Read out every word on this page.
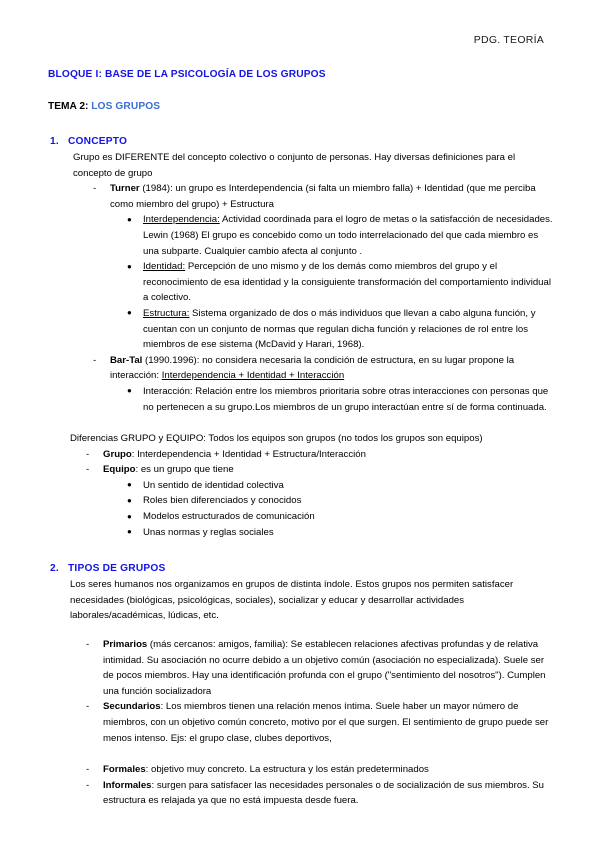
PDG. TEORÍA
BLOQUE I: BASE DE LA PSICOLOGÍA DE LOS GRUPOS
TEMA 2: LOS GRUPOS
1. CONCEPTO

Grupo es DIFERENTE del concepto colectivo o conjunto de personas. Hay diversas definiciones para el concepto de grupo

-	Turner (1984): un grupo es Interdependencia (si falta un miembro falla) + Identidad (que me perciba como miembro del grupo) + Estructura
● Interdependencia: Actividad coordinada para el logro de metas o la satisfacción de necesidades. Lewin (1968) El grupo es concebido como un todo interrelacionado del que cada miembro es una subparte. Cualquier cambio afecta al conjunto .
● Identidad: Percepción de uno mismo y de los demás como miembros del grupo y el reconocimiento de esa identidad y la consiguiente transformación del comportamiento individual a colectivo.
● Estructura: Sistema organizado de dos o más individuos que llevan a cabo alguna función, y cuentan con un conjunto de normas que regulan dicha función y relaciones de rol entre los miembros de ese sistema (McDavid y Harari, 1968).
-	Bar-Tal (1990.1996): no considera necesaria la condición de estructura, en su lugar propone la interacción: Interdependencia + Identidad + Interacción
● Interacción: Relación entre los miembros prioritaria sobre otras interacciones con personas que no pertenecen a su grupo.Los miembros de un grupo interactúan entre sí de forma continuada.

Diferencias GRUPO y EQUIPO: Todos los equipos son grupos (no todos los grupos son equipos)

-	Grupo: Interdependencia + Identidad + Estructura/Interacción
-	Equipo: es un grupo que tiene
● Un sentido de identidad colectiva
● Roles bien diferenciados y conocidos
● Modelos estructurados de comunicación
● Unas normas y reglas sociales
2. TIPOS DE GRUPOS

Los seres humanos nos organizamos en grupos de distinta índole. Estos grupos nos permiten satisfacer necesidades (biológicas, psicológicas, sociales), socializar y educar y desarrollar actividades laborales/académicas, lúdicas, etc.

-	Primarios (más cercanos: amigos, familia): Se establecen relaciones afectivas profundas y de relativa intimidad. Su asociación no ocurre debido a un objetivo común (asociación no especializada). Suele ser de pocos miembros. Hay una identificación profunda con el grupo ("sentimiento del nosotros"). Cumplen una función socializadora
-	Secundarios: Los miembros tienen una relación menos íntima. Suele haber un mayor número de miembros, con un objetivo común concreto, motivo por el que surgen. El sentimiento de grupo puede ser menos intenso. Ejs: el grupo clase, clubes deportivos,
-	Formales: objetivo muy concreto. La estructura y los están predeterminados
-	Informales: surgen para satisfacer las necesidades personales o de socialización de sus miembros. Su estructura es relajada ya que no está impuesta desde fuera.
